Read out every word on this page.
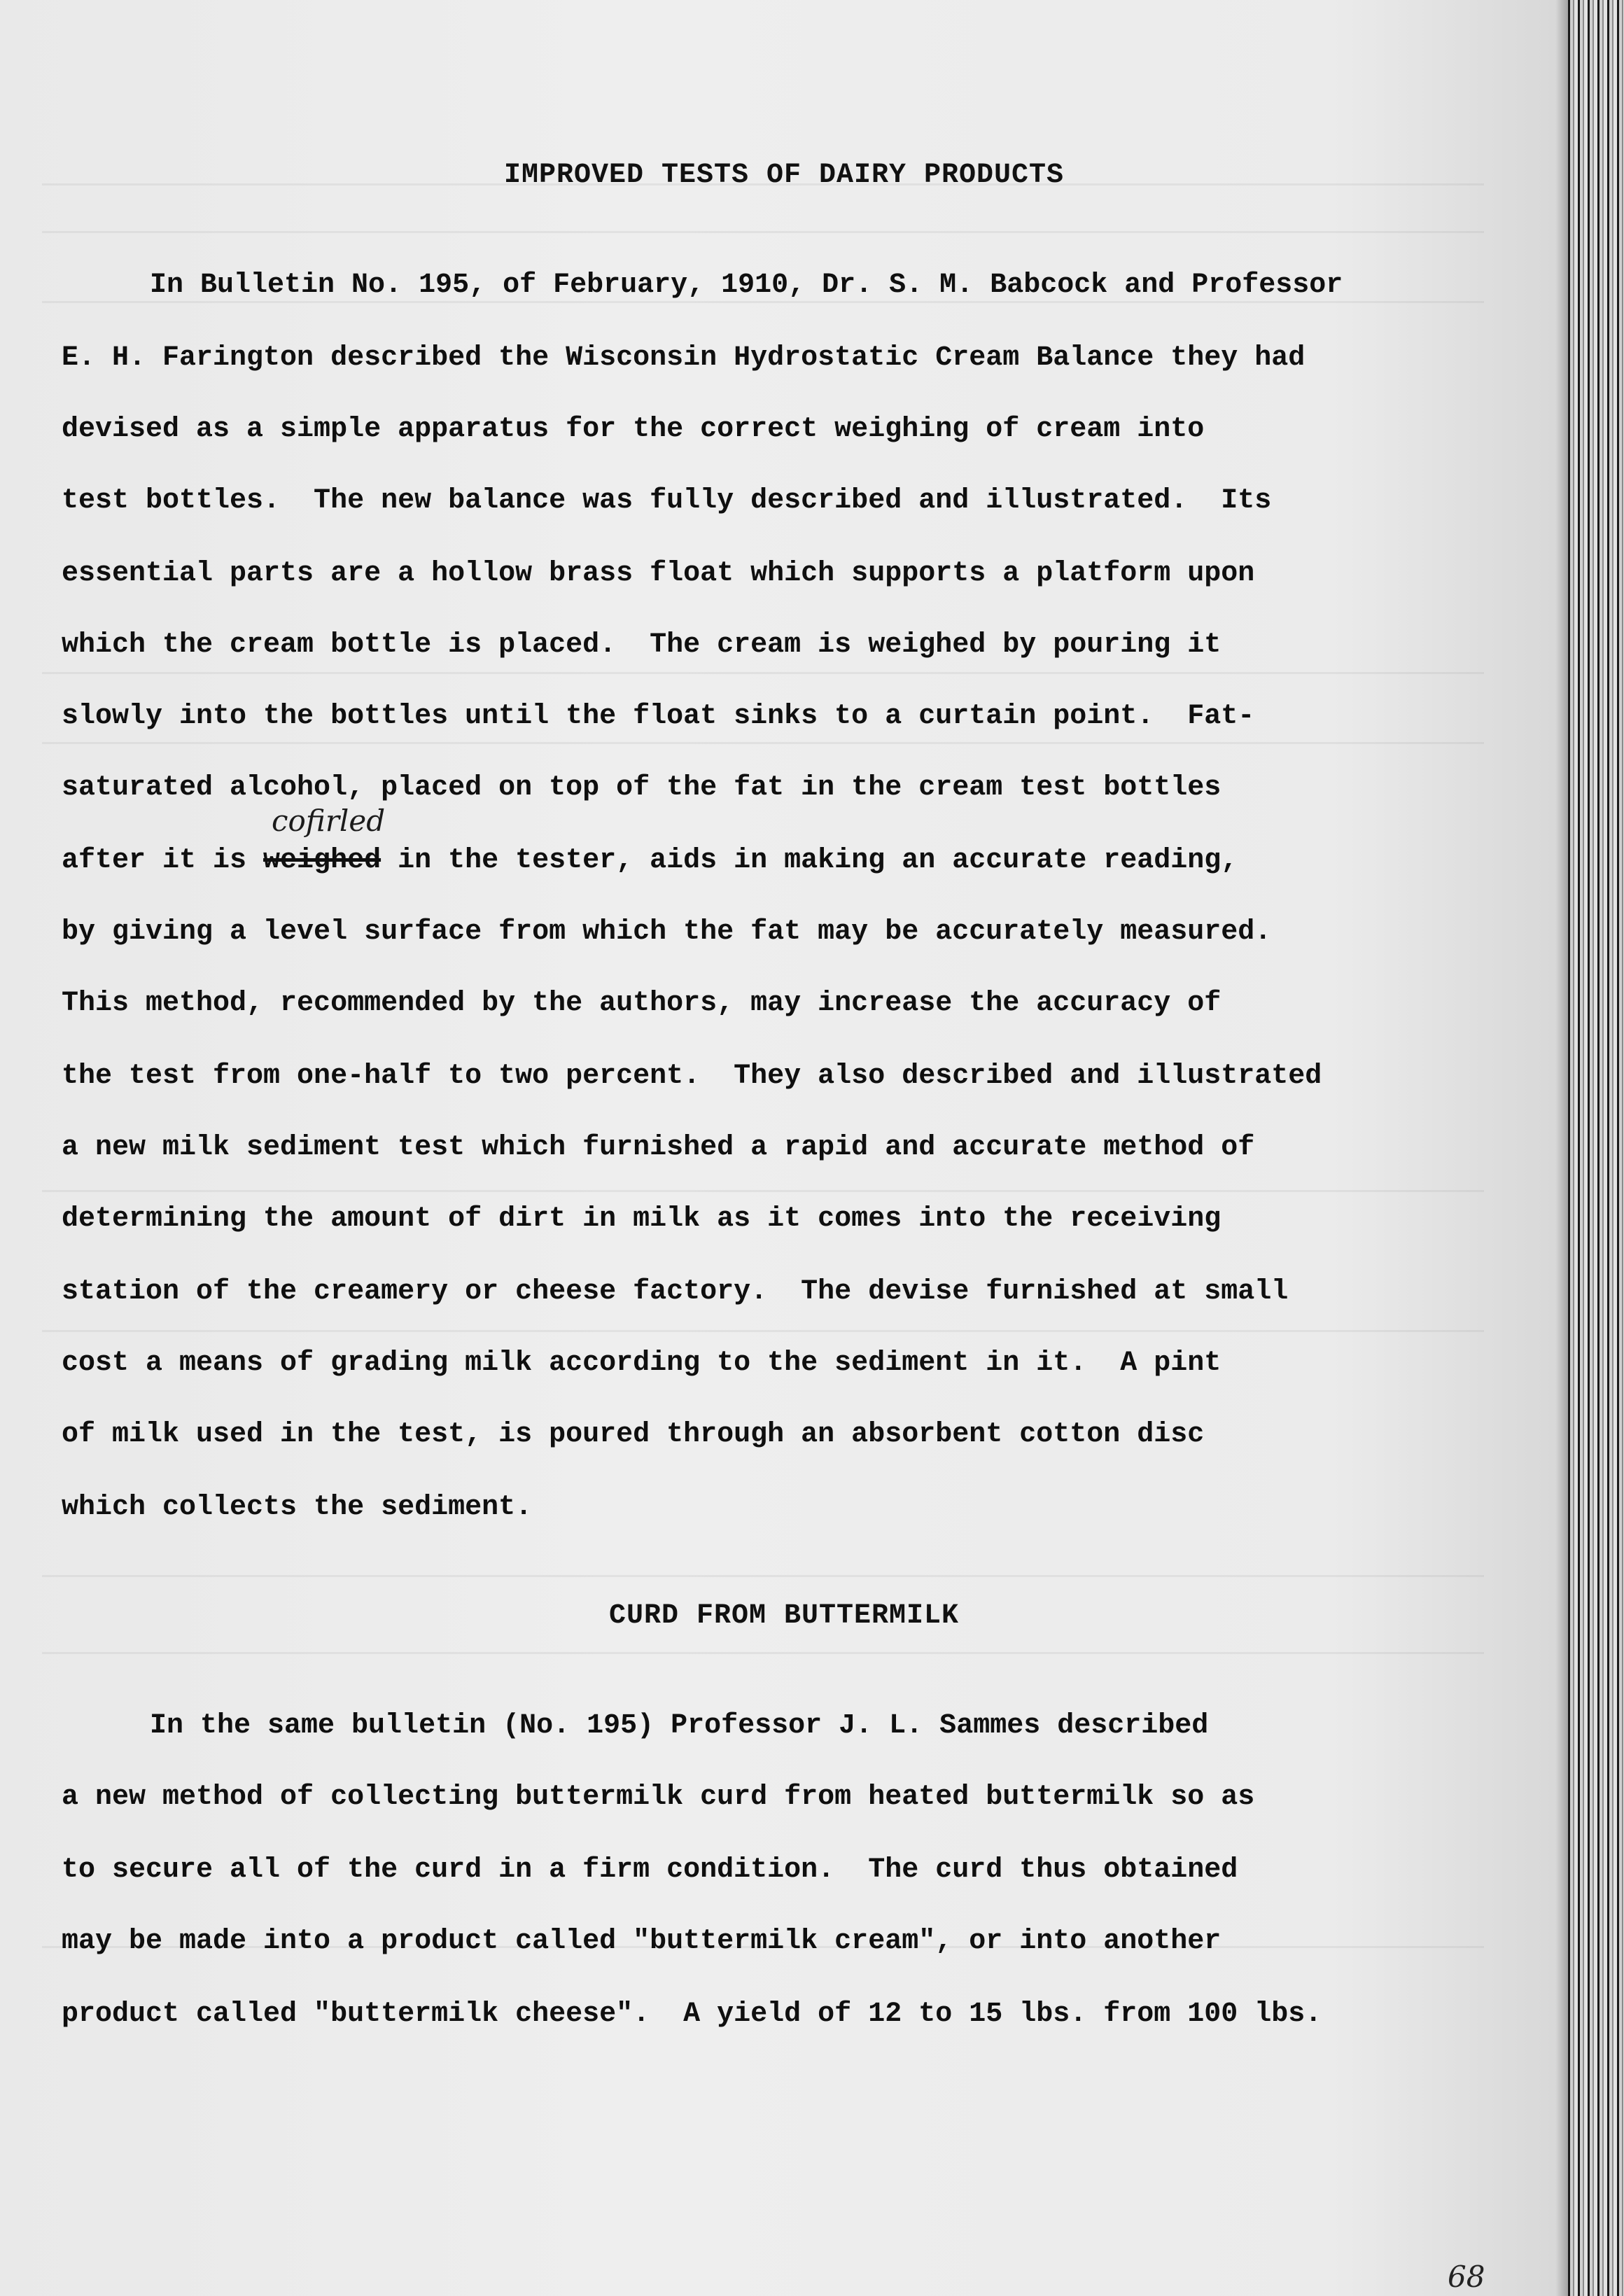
IMPROVED TESTS OF DAIRY PRODUCTS
In Bulletin No. 195, of February, 1910, Dr. S. M. Babcock and Professor
E. H. Farington described the Wisconsin Hydrostatic Cream Balance they had
devised as a simple apparatus for the correct weighing of cream into
test bottles.  The new balance was fully described and illustrated.  Its
essential parts are a hollow brass float which supports a platform upon
which the cream bottle is placed.  The cream is weighed by pouring it
slowly into the bottles until the float sinks to a curtain point.  Fat-
saturated alcohol, placed on top of the fat in the cream test bottles
after it is weighed in the tester, aids in making an accurate reading,
cofirled
by giving a level surface from which the fat may be accurately measured.
This method, recommended by the authors, may increase the accuracy of
the test from one-half to two percent.  They also described and illustrated
a new milk sediment test which furnished a rapid and accurate method of
determining the amount of dirt in milk as it comes into the receiving
station of the creamery or cheese factory.  The devise furnished at small
cost a means of grading milk according to the sediment in it.  A pint
of milk used in the test, is poured through an absorbent cotton disc
which collects the sediment.
CURD FROM BUTTERMILK
In the same bulletin (No. 195) Professor J. L. Sammes described
a new method of collecting buttermilk curd from heated buttermilk so as
to secure all of the curd in a firm condition.  The curd thus obtained
may be made into a product called "buttermilk cream", or into another
product called "buttermilk cheese".  A yield of 12 to 15 lbs. from 100 lbs.
68
